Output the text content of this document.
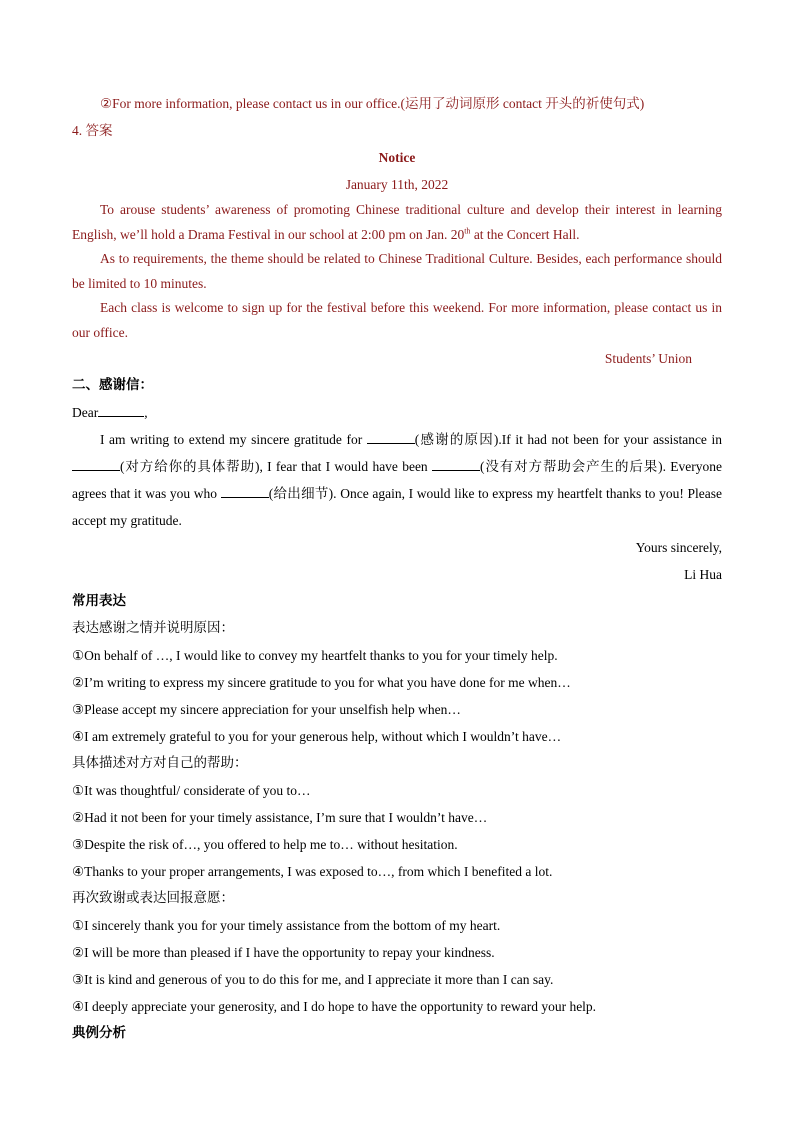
②For more information, please contact us in our office.(运用了动词原形 contact 开头的祈使句式)
4. 答案
Notice
January 11th, 2022
To arouse students’ awareness of promoting Chinese traditional culture and develop their interest in learning English, we’ll hold a Drama Festival in our school at 2:00 pm on Jan. 20th at the Concert Hall.
As to requirements, the theme should be related to Chinese Traditional Culture. Besides, each performance should be limited to 10 minutes.
Each class is welcome to sign up for the festival before this weekend. For more information, please contact us in our office.
Students’ Union
二、感谢信：
Dear	,
I am writing to extend my sincere gratitude for	(感谢的原因).If it had not been for your assistance in (对方给你的具体帮助), I fear that I would have been	(没有对方帮助会产生的后果). Everyone agrees that it was you who	(给出细节). Once again, I would like to express my heartfelt thanks to you! Please accept my gratitude.
Yours sincerely,
Li Hua
常用表达
表达感谢之情并说明原因：
①On behalf of …, I would like to convey my heartfelt thanks to you for your timely help.
②I’m writing to express my sincere gratitude to you for what you have done for me when…
③Please accept my sincere appreciation for your unselfish help when…
④I am extremely grateful to you for your generous help, without which I wouldn’t have…
具体描述对方对自己的帮助：
①It was thoughtful/ considerate of you to…
②Had it not been for your timely assistance, I’m sure that I wouldn’t have…
③Despite the risk of…, you offered to help me to… without hesitation.
④Thanks to your proper arrangements, I was exposed to…, from which I benefited a lot.
再次致谢或表达回报意愿：
①I sincerely thank you for your timely assistance from the bottom of my heart.
②I will be more than pleased if I have the opportunity to repay your kindness.
③It is kind and generous of you to do this for me, and I appreciate it more than I can say.
④I deeply appreciate your generosity, and I do hope to have the opportunity to reward your help.
典例分析
